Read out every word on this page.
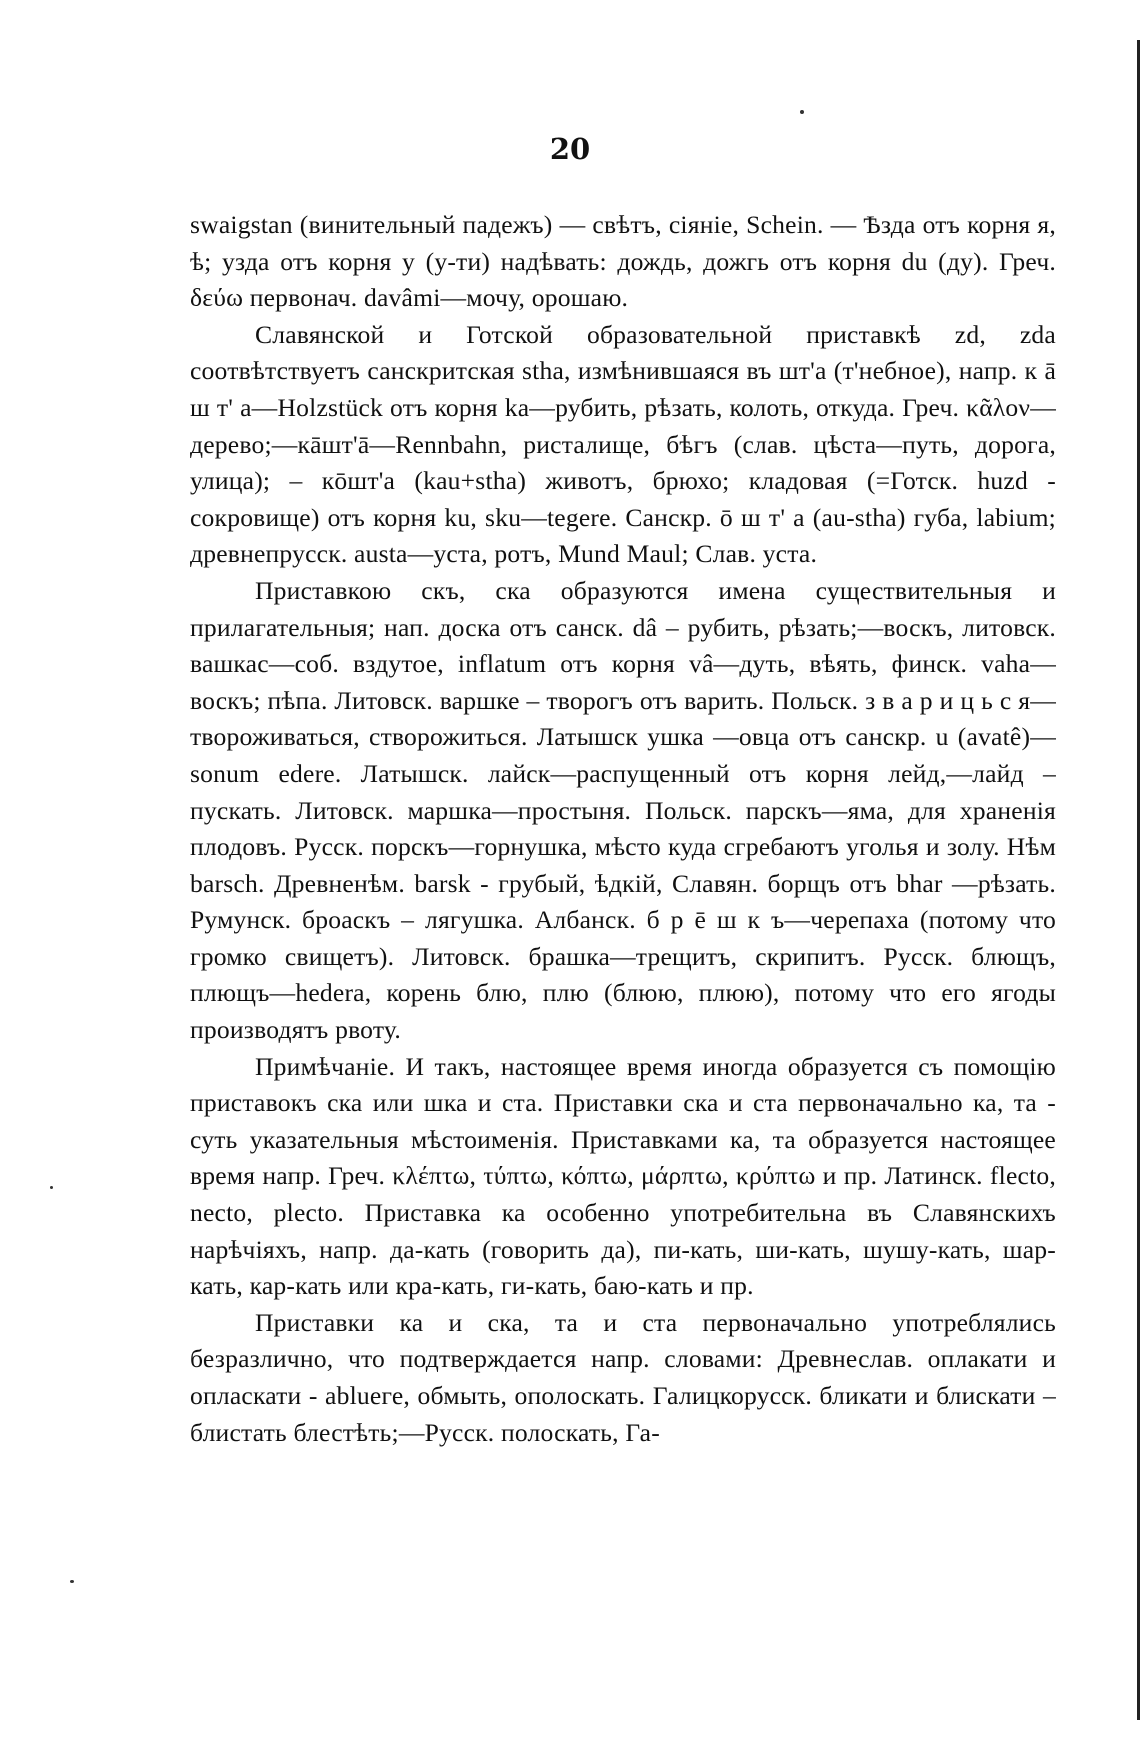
20

swaigstan (винительный падежъ) — свѣтъ, сіяніе, Schein. — Ѣзда отъ корня я, ѣ; узда отъ корня у (у-ти) надѣвать: дождь, дожгь отъ корня du (ду). Греч. δεύω первонач. davâmi—мочу, орошаю.

Славянской и Готской образовательной приставкѣ zd, zda соотвѣтствуетъ санскритская stha, измѣнившаяся въ шт'а (т'небное), напр. к ā ш т' а—Holzstück отъ корня ka—рубить, рѣзать, колоть, откуда. Греч. κᾶλον—дерево;—кāшт'ā—Rennbahn, ристалище, бѣгъ (слав. цѣста—путь, дорога, улица); – кōшт'а (kau+stha) животъ, брюхо; кладовая (=Готск. huzd - сокровище) отъ корня ku, sku—tegere. Санскр. ō ш т' а (au-stha) губа, labium; древнепрусск. austa—уста, ротъ, Mund Maul; Слав. уста.

Приставкою скъ, ска образуются имена существительныя и прилагательныя; нап. доска отъ санск. dâ – рубить, рѣзать;—воскъ, литовск. вашкас—соб. вздутое, inflatum отъ корня vâ—дуть, вѣять, финск. vaha—воскъ; пѣпа. Литовск. варшке – творогъ отъ варить. Польск. з в а р и ц ь с я—твороживаться, створожиться. Латышск ушка —овца отъ санскр. u (avatê)—sonum edere. Латышск. лайск—распущенный отъ корня лейд,—лайд – пускать. Литовск. маршка—простыня. Польск. парскъ—яма, для храненія плодовъ. Русск. порскъ—горнушка, мѣсто куда сгребаютъ уголья и золу. Нѣм barsch. Древненѣм. barsk - грубый, ѣдкій, Славян. борщъ отъ bhar —рѣзать. Румунск. броаскъ – лягушка. Албанск. б р ē ш к ъ—черепаха (потому что громко свищетъ). Литовск. брашка—трещитъ, скрипитъ. Русск. блющъ, плющъ—hedera, корень блю, плю (блюю, плюю), потому что его ягоды производятъ рвоту.

Примѣчаніе. И такъ, настоящее время иногда образуется съ помощію приставокъ ска или шка и ста. Приставки ска и ста первоначально ка, та - суть указательныя мѣстоименія. Приставками ка, та образуется настоящее время напр. Греч. κλέπτω, τύπτω, κόπτω, μάρπτω, κρύπτω и пр. Латинск. flecto, necto, plecto. Приставка ка особенно употребительна въ Славянскихъ нарѣчіяхъ, напр. да-кать (говорить да), пи-кать, ши-кать, шушу-кать, шар-кать, кар-кать или кра-кать, ги-кать, баю-кать и пр.

Приставки ка и ска, та и ста первоначально употреблялись безразлично, что подтверждается напр. словами: Древнеслав. оплакати и опласкати - ablueге, обмыть, ополоскать. Галицкорусск. бликати и блискати – блистать блестѣть;—Русск. полоскать, Га-
